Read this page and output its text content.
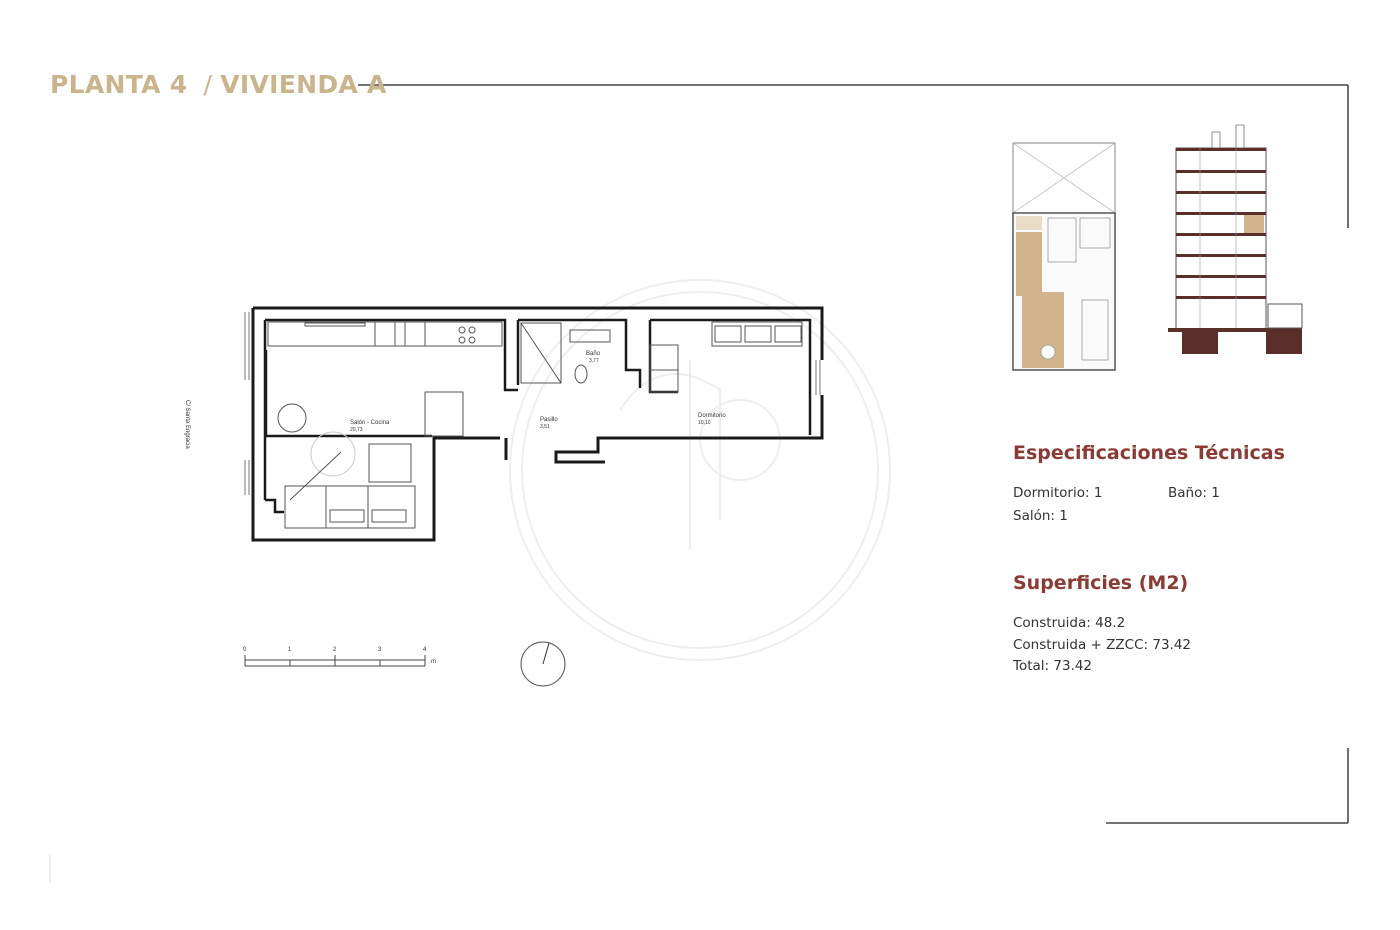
PLANTA 4 / VIVIENDA A
Salón - Cocina
20,73
Baño
3,77
Pasillo
3,51
Dormitorio
10,10
C/ Santa Engracia
0	1	2	3	4
m
Especificaciones Técnicas
Dormitorio: 1	Baño: 1
Salón: 1
Superficies (M2)
Construida: 48.2
Construida + ZZCC: 73.42
Total: 73.42
